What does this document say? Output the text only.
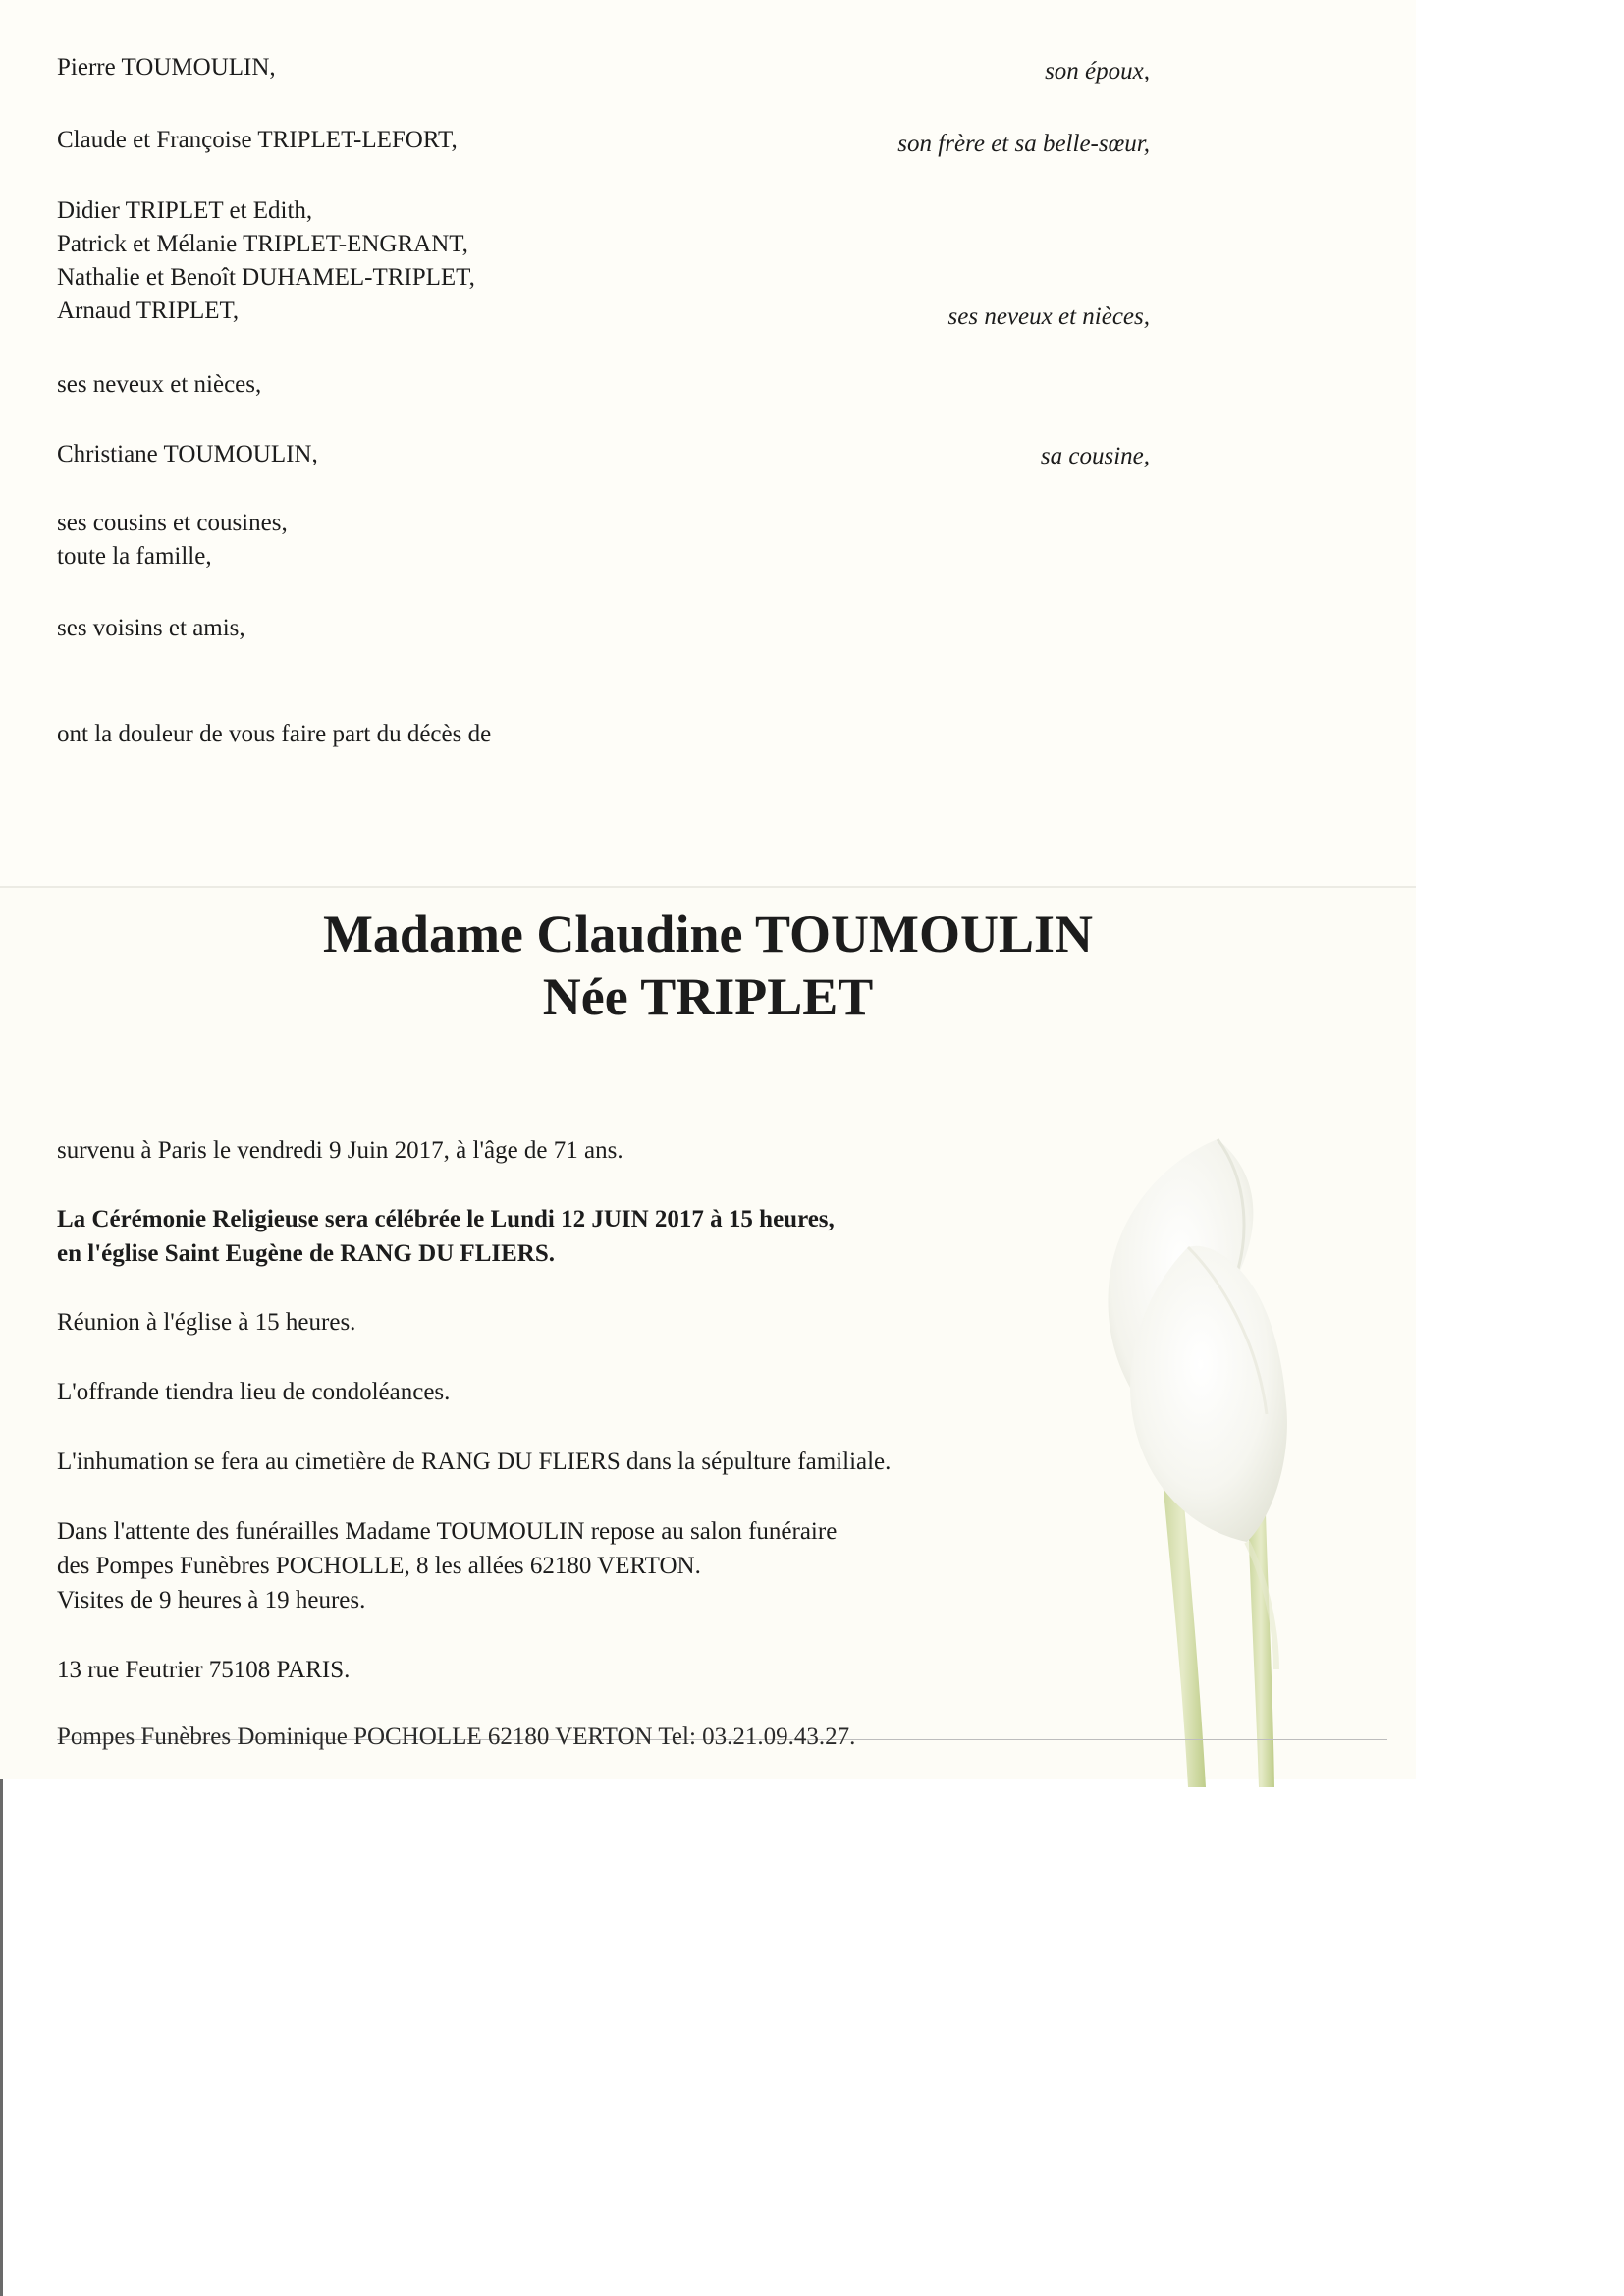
Pierre TOUMOULIN,	son époux,
Claude et Françoise TRIPLET-LEFORT,	son frère et sa belle-sœur,
Didier TRIPLET et Edith,
Patrick et Mélanie TRIPLET-ENGRANT,
Nathalie et Benoît DUHAMEL-TRIPLET,
Arnaud TRIPLET,	ses neveux et nièces,
ses neveux et nièces,
Christiane TOUMOULIN,	sa cousine,
ses cousins et cousines,
toute la famille,
ses voisins et amis,
ont la douleur de vous faire part du décès de
Madame Claudine TOUMOULIN
Née TRIPLET
survenu à Paris le vendredi 9 Juin 2017, à l'âge de 71 ans.
La Cérémonie Religieuse sera célébrée le Lundi 12 JUIN 2017 à 15 heures,
en l'église Saint Eugène de RANG DU FLIERS.
Réunion à l'église à 15 heures.
L'offrande tiendra lieu de condoléances.
L'inhumation se fera au cimetière de RANG DU FLIERS dans la sépulture familiale.
Dans l'attente des funérailles Madame TOUMOULIN repose au salon funéraire
des Pompes Funèbres POCHOLLE, 8 les allées 62180 VERTON.
Visites de 9 heures à 19 heures.
13 rue Feutrier 75108 PARIS.
Pompes Funèbres Dominique POCHOLLE 62180 VERTON Tel: 03.21.09.43.27.
